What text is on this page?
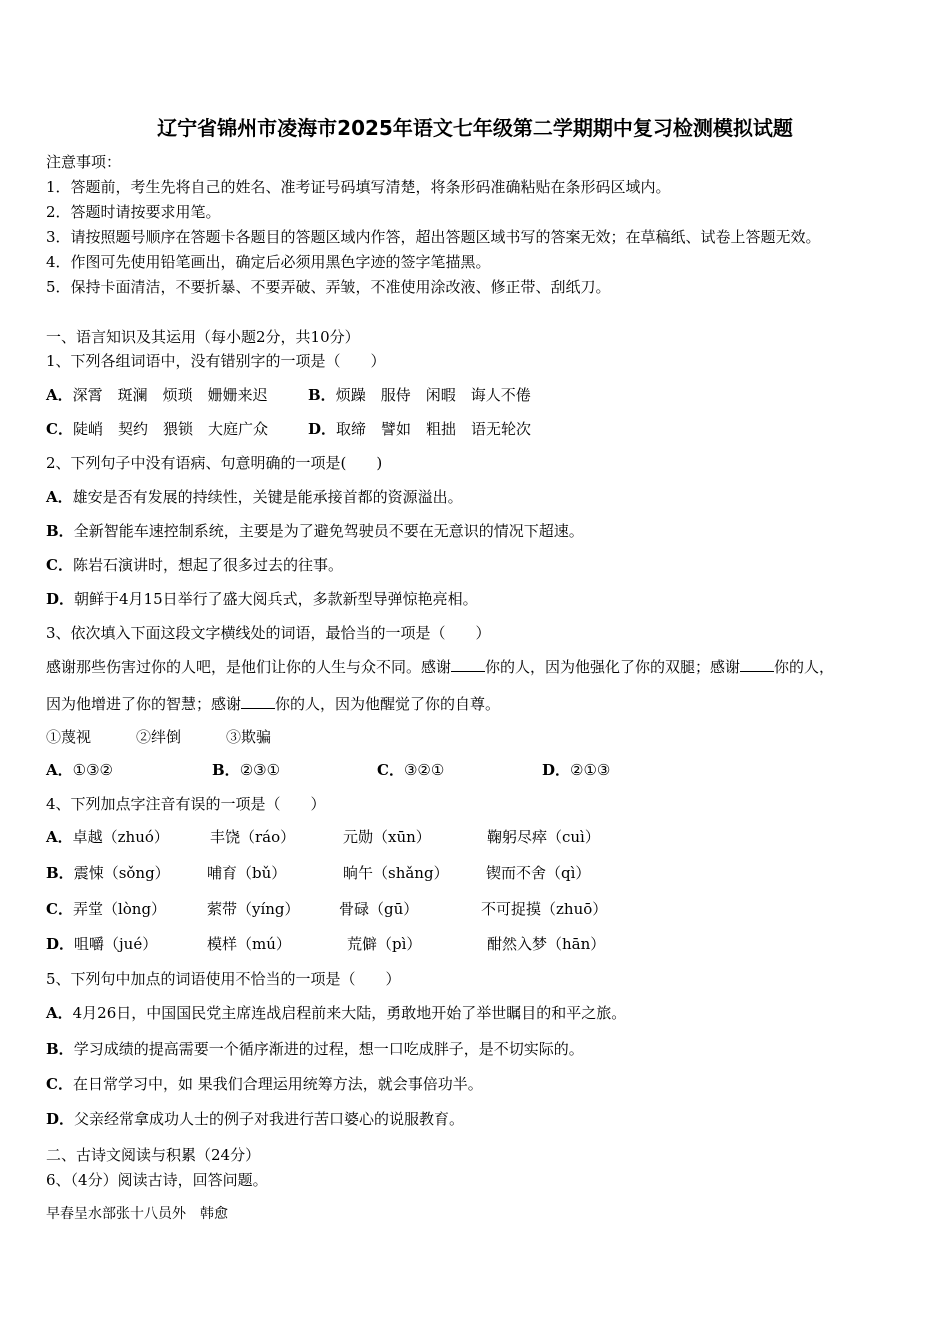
辽宁省锦州市凌海市2025年语文七年级第二学期期中复习检测模拟试题
注意事项：
1．答题前，考生先将自己的姓名、准考证号码填写清楚，将条形码准确粘贴在条形码区域内。
2．答题时请按要求用笔。
3．请按照题号顺序在答题卡各题目的答题区域内作答，超出答题区域书写的答案无效；在草稿纸、试卷上答题无效。
4．作图可先使用铅笔画出，确定后必须用黑色字迹的签字笔描黑。
5．保持卡面清洁，不要折暴、不要弄破、弄皱，不准使用涂改液、修正带、刮纸刀。
一、语言知识及其运用（每小题2分，共10分）
1、下列各组词语中，没有错别字的一项是（　　）
A．深霄　斑澜　烦琐　姗姗来迟	B．烦躁　服侍　闲暇　诲人不倦
C．陡峭　契约　猥锁　大庭广众	D．取缔　譬如　粗拙　语无轮次
2、下列句子中没有语病、句意明确的一项是(　　)
A．雄安是否有发展的持续性，关键是能承接首都的资源溢出。
B．全新智能车速控制系统，主要是为了避免驾驶员不要在无意识的情况下超速。
C．陈岩石演讲时，想起了很多过去的往事。
D．朝鲜于4月15日举行了盛大阅兵式，多款新型导弹惊艳亮相。
3、依次填入下面这段文字横线处的词语，最恰当的一项是（　　）
感谢那些伤害过你的人吧，是他们让你的人生与众不同。感谢 你的人，因为他强化了你的双腿；感谢 你的人，
因为他增进了你的智慧；感谢 你的人，因为他醒觉了你的自尊。
①蔑视　　　②绊倒　　　③欺骗
A．①③②	B．②③①	C．③②①	D．②①③
4、下列加点字注音有误的一项是（　　）
A．卓越（zhuó）	丰饶（ráo）	元勋（xūn）	鞠躬尽瘁（cuì）
B．震悚（sǒng） 哺育（bǔ）	晌午（shǎng） 锲而不舍（qì）
C．弄堂（lòng）	萦带（yíng）	骨碌（gū）	不可捉摸（zhuō）
D．咀嚼（jué）	模样（mú）	荒僻（pì）	酣然入梦（hān）
5、下列句中加点的词语使用不恰当的一项是（　　）
A．4月26日，中国国民党主席连战启程前来大陆，勇敢地开始了举世瞩目的和平之旅。
B．学习成绩的提高需要一个循序渐进的过程，想一口吃成胖子，是不切实际的。
C．在日常学习中，如 果我们合理运用统筹方法，就会事倍功半。
D．父亲经常拿成功人士的例子对我进行苦口婆心的说服教育。
二、古诗文阅读与积累（24分）
6、（4分）阅读古诗，回答问题。
早春呈水部张十八员外　韩愈
